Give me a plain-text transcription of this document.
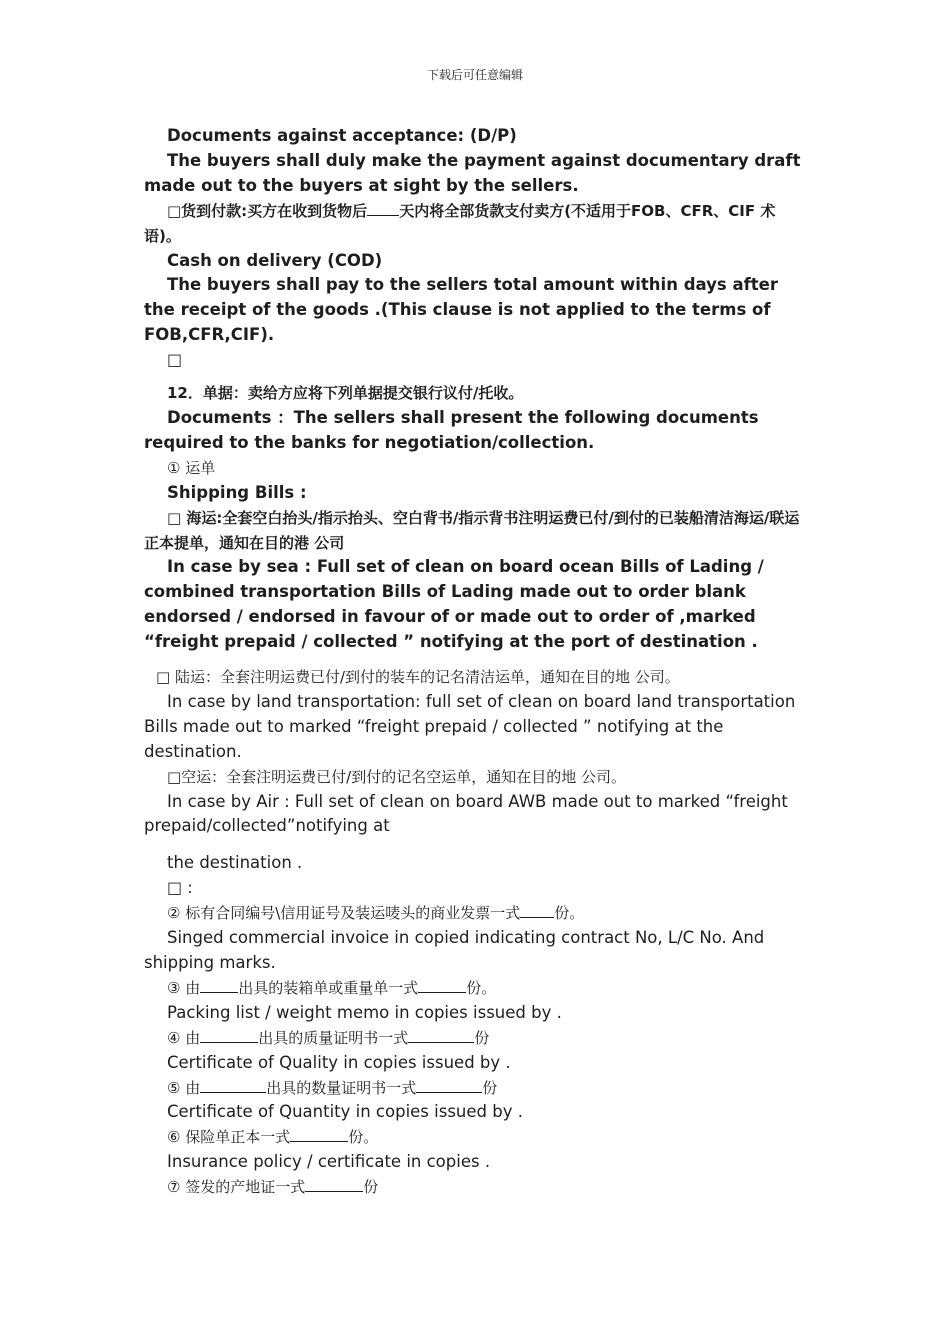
下载后可任意编辑

Documents against acceptance: (D/P)

The buyers shall duly make the payment against documentary draft made out to the buyers at sight by the sellers.

□货到付款:买方在收到货物后 天内将全部货款支付卖方(不适用于FOB、CFR、CIF 术语)。

Cash on delivery (COD)

The buyers shall pay to the sellers total amount within days after the receipt of the goods .(This clause is not applied to the terms of FOB,CFR,CIF).

□

12．单据：卖给方应将下列单据提交银行议付/托收。

Documents ：The sellers shall present the following documents required to the banks for negotiation/collection.

① 运单

Shipping Bills :

□ 海运:全套空白抬头/指示抬头、空白背书/指示背书注明运费已付/到付的已装船清洁海运/联运正本提单，通知在目的港 公司

In case by sea : Full set of clean on board ocean Bills of Lading / combined transportation Bills of Lading made out to order blank endorsed / endorsed in favour of or made out to order of ,marked “freight prepaid / collected ” notifying at the port of destination .

□ 陆运：全套注明运费已付/到付的装车的记名清洁运单，通知在目的地 公司。

In case by land transportation: full set of clean on board land transportation Bills made out to marked “freight prepaid / collected ” notifying at the destination.

□空运：全套注明运费已付/到付的记名空运单，通知在目的地 公司。

In case by Air : Full set of clean on board AWB made out to marked “freight prepaid/collected”notifying at

the destination .

□ :

② 标有合同编号\信用证号及装运唛头的商业发票一式 份。

Singed commercial invoice in copied indicating contract No, L/C No. And shipping marks.

③ 由	出具的装箱单或重量单一式	份。

Packing list / weight memo in copies issued by .

④ 由	出具的质量证明书一式	份

Certificate of Quality in copies issued by .

⑤ 由	出具的数量证明书一式	份

Certificate of Quantity in copies issued by .

⑥ 保险单正本一式	份。

Insurance policy / certificate in copies .

⑦ 签发的产地证一式	份
